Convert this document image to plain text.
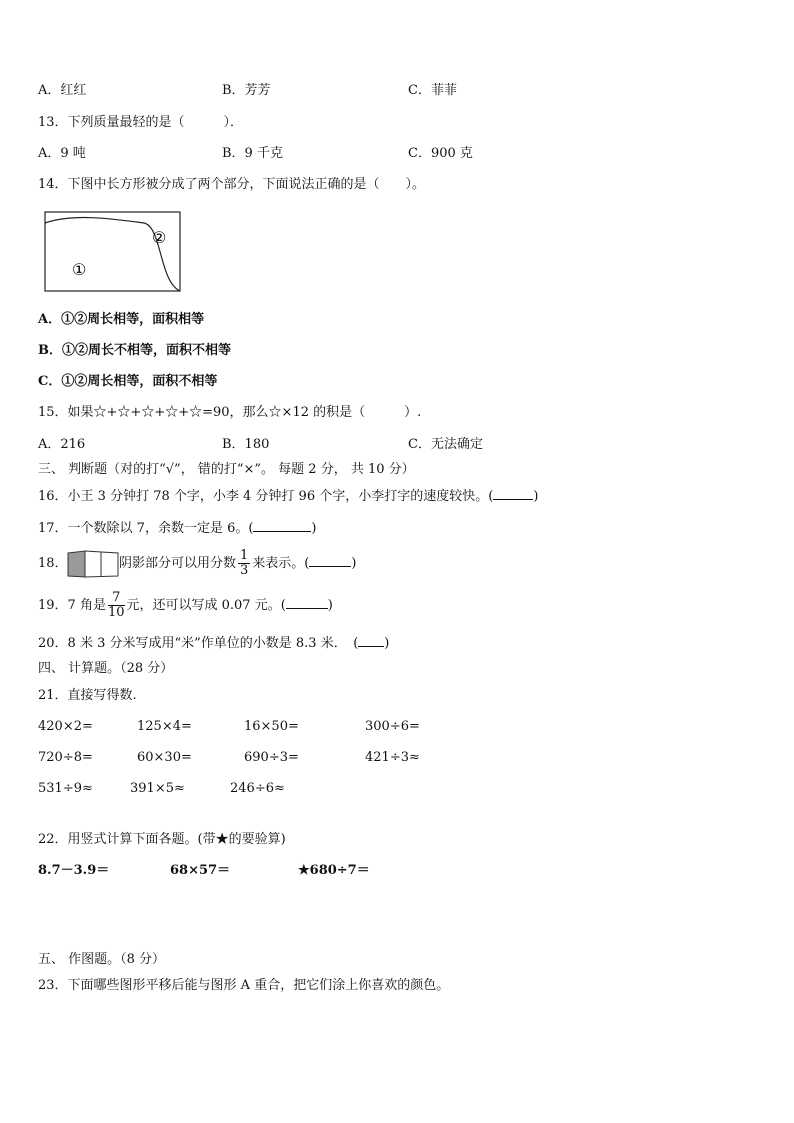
A．红红	B．芳芳	C．菲菲
13．下列质量最轻的是（　　　）．
A．9 吨	B．9 千克	C．900 克
14．下图中长方形被分成了两个部分，下面说法正确的是（　　）。
①
②
A．①②周长相等，面积相等
B．①②周长不相等，面积不相等
C．①②周长相等，面积不相等
15．如果☆+☆+☆+☆+☆=90，那么☆×12 的积是（　　　）.
A．216	B．180	C．无法确定
三、 判断题（对的打“√”， 错的打“×”。 每题 2 分， 共 10 分）
16．小王 3 分钟打 78 个字，小李 4 分钟打 96 个字，小李打字的速度较快。(	)
17．一个数除以 7，余数一定是 6。(	)
18．	阴影部分可以用分数 $\frac{1}{3}$ 来表示。(	)
19．7 角是 $\frac{7}{10}$ 元，还可以写成 0.07 元。(	)
20．8 米 3 分米写成用“米”作单位的小数是 8.3 米．　( )
四、 计算题。（28 分）
21．直接写得数.
420×2=	125×4=	16×50=	300÷6=
720÷8=	60×30=	690÷3=	421÷3≈
531÷9≈	391×5≈	246÷6≈
22．用竖式计算下面各题。(带★的要验算)
8.7－3.9＝	68×57＝	★680÷7＝
五、 作图题。（8 分）
23．下面哪些图形平移后能与图形 A 重合，把它们涂上你喜欢的颜色。
